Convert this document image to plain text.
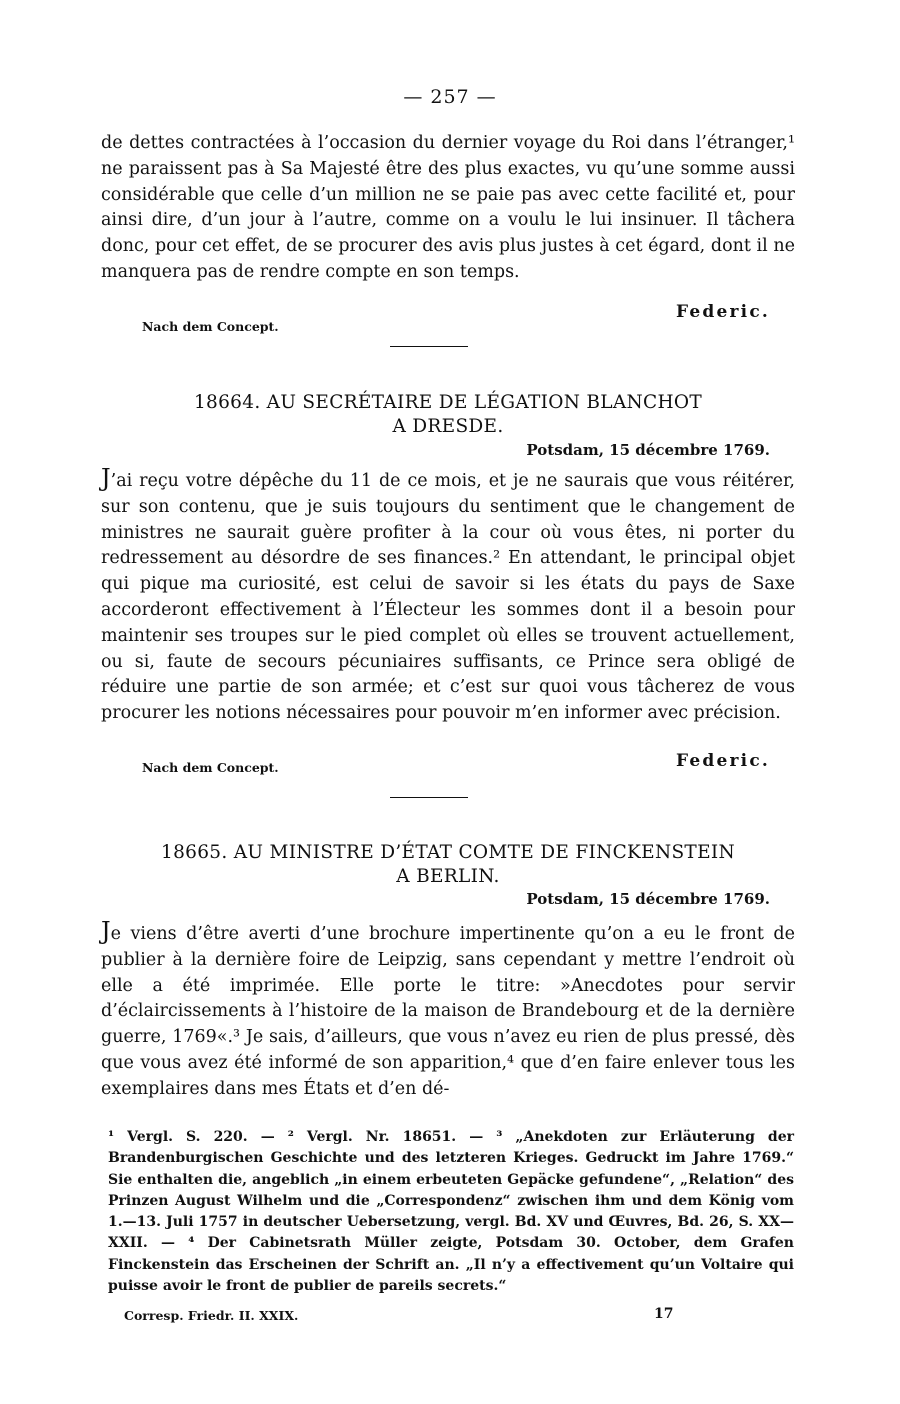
— 257 —
de dettes contractées à l’occasion du dernier voyage du Roi dans l’étranger,¹ ne paraissent pas à Sa Majesté être des plus exactes, vu qu’une somme aussi considérable que celle d’un million ne se paie pas avec cette facilité et, pour ainsi dire, d’un jour à l’autre, comme on a voulu le lui insinuer. Il tâchera donc, pour cet effet, de se procurer des avis plus justes à cet égard, dont il ne manquera pas de rendre compte en son temps.
Federic.
Nach dem Concept.
18664. AU SECRÉTAIRE DE LÉGATION BLANCHOT
A DRESDE.
Potsdam, 15 décembre 1769.
J’ai reçu votre dépêche du 11 de ce mois, et je ne saurais que vous réitérer, sur son contenu, que je suis toujours du sentiment que le changement de ministres ne saurait guère profiter à la cour où vous êtes, ni porter du redressement au désordre de ses finances.² En attendant, le principal objet qui pique ma curiosité, est celui de savoir si les états du pays de Saxe accorderont effectivement à l’Électeur les sommes dont il a besoin pour maintenir ses troupes sur le pied complet où elles se trouvent actuellement, ou si, faute de secours pécuniaires suffisants, ce Prince sera obligé de réduire une partie de son armée; et c’est sur quoi vous tâcherez de vous procurer les notions nécessaires pour pouvoir m’en informer avec précision.
Federic.
Nach dem Concept.
18665. AU MINISTRE D’ÉTAT COMTE DE FINCKENSTEIN
A BERLIN.
Potsdam, 15 décembre 1769.
Je viens d’être averti d’une brochure impertinente qu’on a eu le front de publier à la dernière foire de Leipzig, sans cependant y mettre l’endroit où elle a été imprimée. Elle porte le titre: »Anecdotes pour servir d’éclaircissements à l’histoire de la maison de Brandebourg et de la dernière guerre, 1769«.³ Je sais, d’ailleurs, que vous n’avez eu rien de plus pressé, dès que vous avez été informé de son apparition,⁴ que d’en faire enlever tous les exemplaires dans mes États et d’en dé-
¹ Vergl. S. 220. — ² Vergl. Nr. 18651. — ³ „Anekdoten zur Erläuterung der Brandenburgischen Geschichte und des letzteren Krieges. Gedruckt im Jahre 1769.“ Sie enthalten die, angeblich „in einem erbeuteten Gepäcke gefundene“, „Relation“ des Prinzen August Wilhelm und die „Correspondenz“ zwischen ihm und dem König vom 1.—13. Juli 1757 in deutscher Uebersetzung, vergl. Bd. XV und Œuvres, Bd. 26, S. XX—XXII. — ⁴ Der Cabinetsrath Müller zeigte, Potsdam 30. October, dem Grafen Finckenstein das Erscheinen der Schrift an. „Il n’y a effectivement qu’un Voltaire qui puisse avoir le front de publier de pareils secrets.“
Corresp. Friedr. II. XXIX.	17
